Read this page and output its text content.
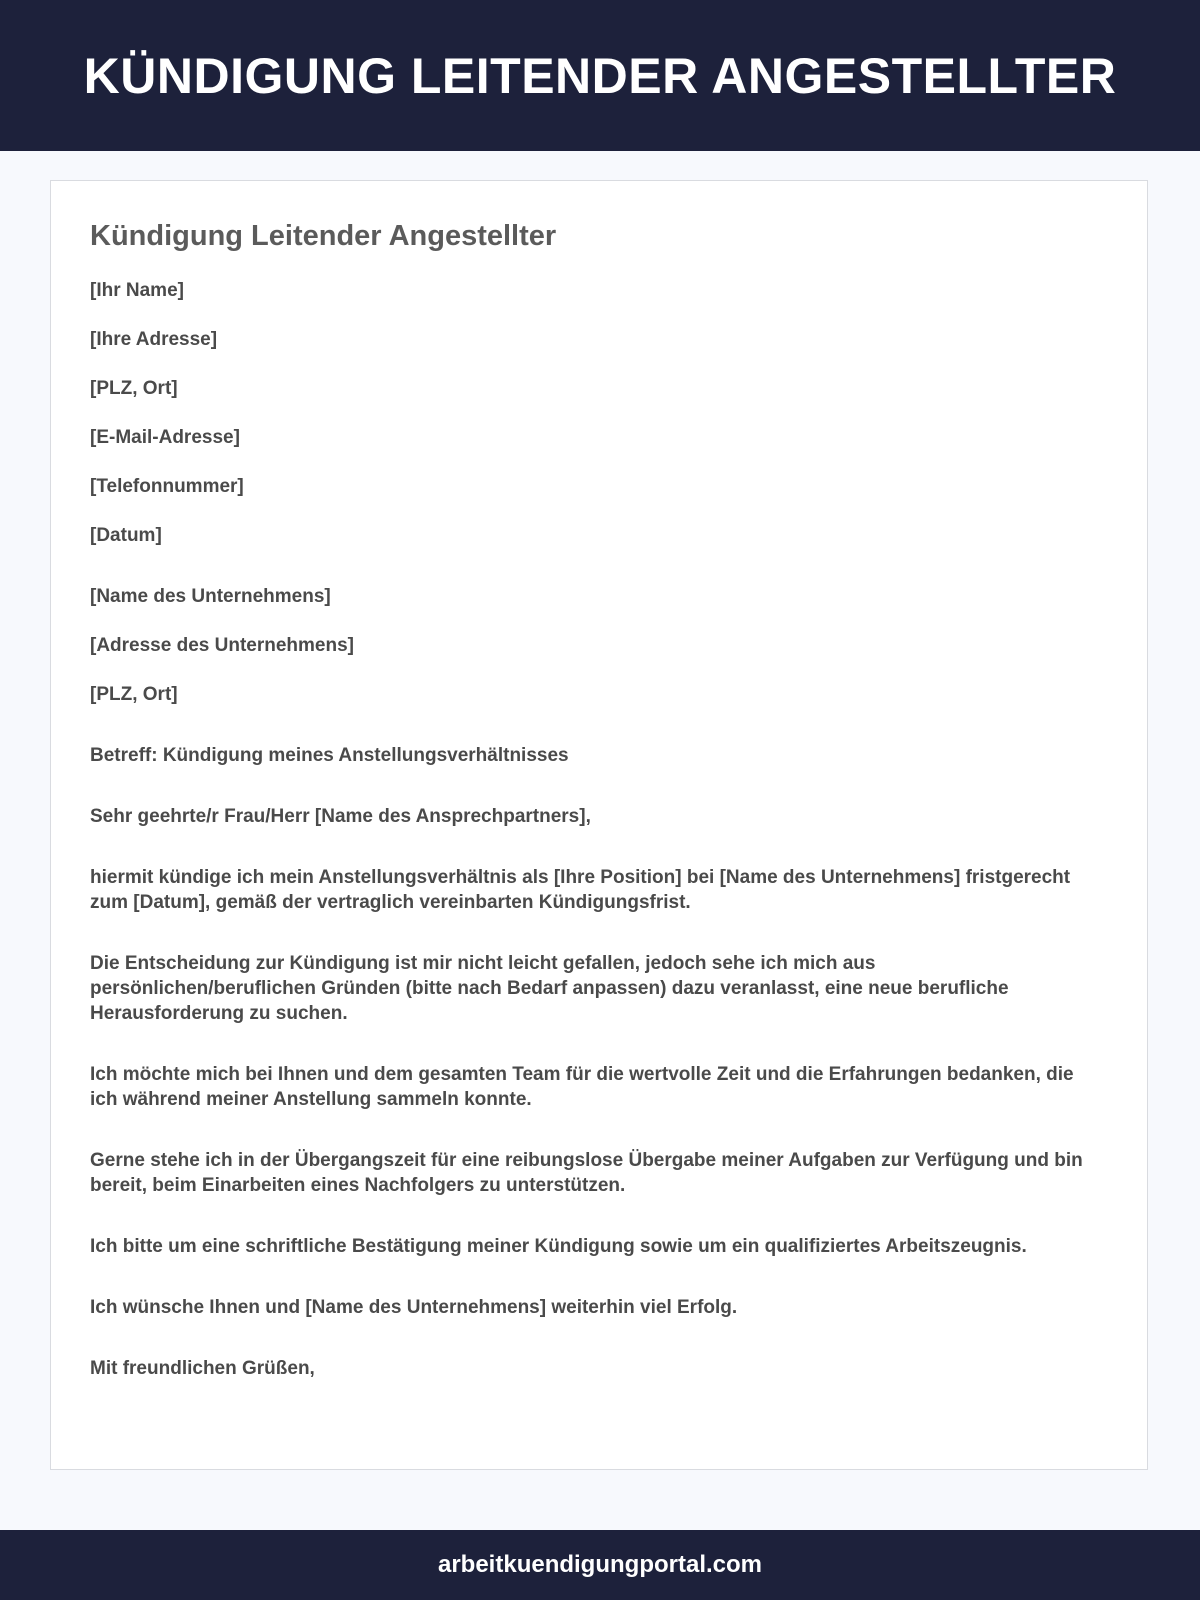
KÜNDIGUNG LEITENDER ANGESTELLTER
Kündigung Leitender Angestellter

[Ihr Name]

[Ihre Adresse]

[PLZ, Ort]

[E-Mail-Adresse]

[Telefonnummer]

[Datum]

[Name des Unternehmens]

[Adresse des Unternehmens]

[PLZ, Ort]

Betreff: Kündigung meines Anstellungsverhältnisses

Sehr geehrte/r Frau/Herr [Name des Ansprechpartners],

hiermit kündige ich mein Anstellungsverhältnis als [Ihre Position] bei [Name des Unternehmens] fristgerecht zum [Datum], gemäß der vertraglich vereinbarten Kündigungsfrist.

Die Entscheidung zur Kündigung ist mir nicht leicht gefallen, jedoch sehe ich mich aus persönlichen/beruflichen Gründen (bitte nach Bedarf anpassen) dazu veranlasst, eine neue berufliche Herausforderung zu suchen.

Ich möchte mich bei Ihnen und dem gesamten Team für die wertvolle Zeit und die Erfahrungen bedanken, die ich während meiner Anstellung sammeln konnte.

Gerne stehe ich in der Übergangszeit für eine reibungslose Übergabe meiner Aufgaben zur Verfügung und bin bereit, beim Einarbeiten eines Nachfolgers zu unterstützen.

Ich bitte um eine schriftliche Bestätigung meiner Kündigung sowie um ein qualifiziertes Arbeitszeugnis.

Ich wünsche Ihnen und [Name des Unternehmens] weiterhin viel Erfolg.

Mit freundlichen Grüßen,

arbeitkuendigungportal.com
